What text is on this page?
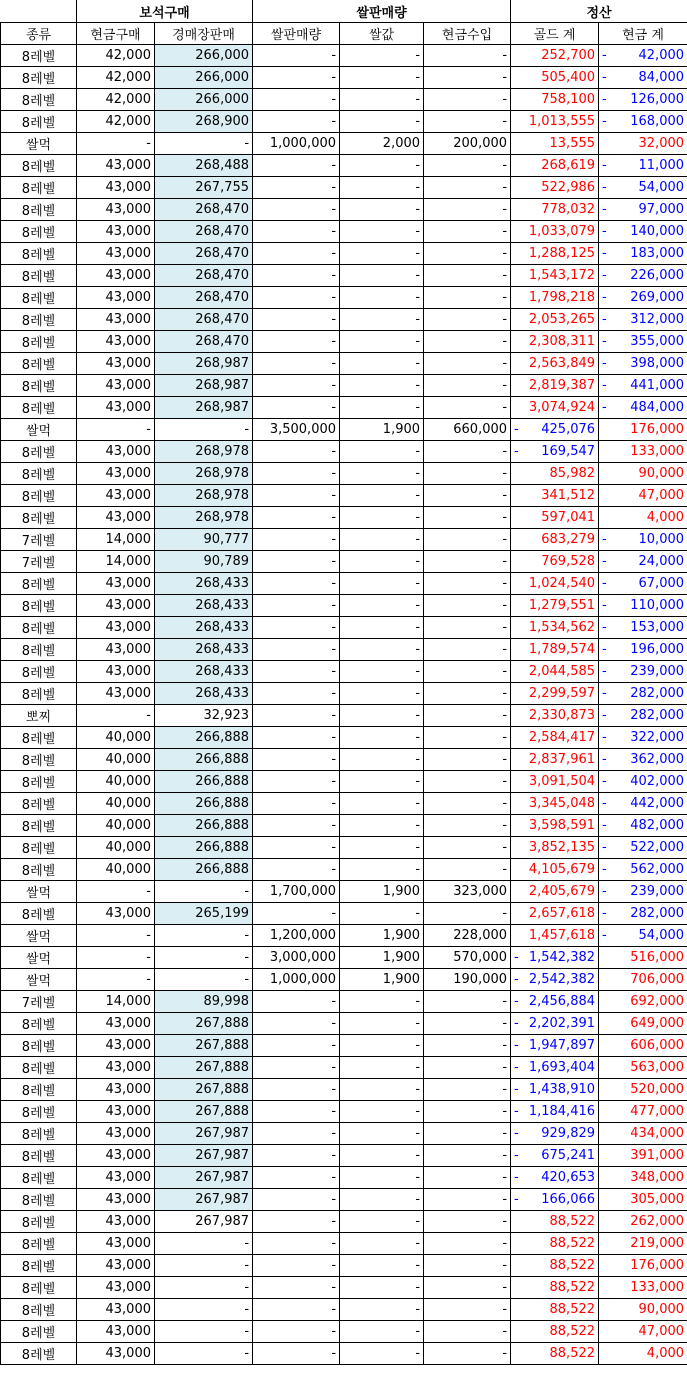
	보석구매		쌀판매량			정산	
종류	현금구매	경매장판매	쌀판매량	쌀값	현금수입	골드 계	현금 계
8레벨	42,000	266,000	-	-	-	252,700	- 42,000

8레벨	42,000	266,000	-	-	-	505,400	- 84,000

8레벨	42,000	266,000	-	-	-	758,100	- 126,000

8레벨	42,000	268,900	-	-	-	1,013,555	- 168,000

쌀먹	-	-	1,000,000	2,000	200,000	13,555	32,000

8레벨	43,000	268,488	-	-	-	268,619	- 11,000

8레벨	43,000	267,755	-	-	-	522,986	- 54,000

8레벨	43,000	268,470	-	-	-	778,032	- 97,000

8레벨	43,000	268,470	-	-	-	1,033,079	- 140,000

8레벨	43,000	268,470	-	-	-	1,288,125	- 183,000

8레벨	43,000	268,470	-	-	-	1,543,172	- 226,000

8레벨	43,000	268,470	-	-	-	1,798,218	- 269,000

8레벨	43,000	268,470	-	-	-	2,053,265	- 312,000

8레벨	43,000	268,470	-	-	-	2,308,311	- 355,000

8레벨	43,000	268,987	-	-	-	2,563,849	- 398,000

8레벨	43,000	268,987	-	-	-	2,819,387	- 441,000

8레벨	43,000	268,987	-	-	-	3,074,924	- 484,000

쌀먹	-	-	3,500,000	1,900	660,000	- 425,076	176,000

8레벨	43,000	268,978	-	-	-	- 169,547	133,000

8레벨	43,000	268,978	-	-	-	85,982	90,000

8레벨	43,000	268,978	-	-	-	341,512	47,000

8레벨	43,000	268,978	-	-	-	597,041	4,000

7레벨	14,000	90,777	-	-	-	683,279	- 10,000

7레벨	14,000	90,789	-	-	-	769,528	- 24,000

8레벨	43,000	268,433	-	-	-	1,024,540	- 67,000

8레벨	43,000	268,433	-	-	-	1,279,551	- 110,000

8레벨	43,000	268,433	-	-	-	1,534,562	- 153,000

8레벨	43,000	268,433	-	-	-	1,789,574	- 196,000

8레벨	43,000	268,433	-	-	-	2,044,585	- 239,000

8레벨	43,000	268,433	-	-	-	2,299,597	- 282,000

뽀찌	-	32,923	-	-	-	2,330,873	- 282,000

8레벨	40,000	266,888	-	-	-	2,584,417	- 322,000

8레벨	40,000	266,888	-	-	-	2,837,961	- 362,000

8레벨	40,000	266,888	-	-	-	3,091,504	- 402,000

8레벨	40,000	266,888	-	-	-	3,345,048	- 442,000

8레벨	40,000	266,888	-	-	-	3,598,591	- 482,000

8레벨	40,000	266,888	-	-	-	3,852,135	- 522,000

8레벨	40,000	266,888	-	-	-	4,105,679	- 562,000

쌀먹	-	-	1,700,000	1,900	323,000	2,405,679	- 239,000

8레벨	43,000	265,199	-	-	-	2,657,618	- 282,000

쌀먹	-	-	1,200,000	1,900	228,000	1,457,618	- 54,000

쌀먹	-	-	3,000,000	1,900	570,000	- 1,542,382	516,000

쌀먹	-	-	1,000,000	1,900	190,000	- 2,542,382	706,000

7레벨	14,000	89,998	-	-	-	- 2,456,884	692,000

8레벨	43,000	267,888	-	-	-	- 2,202,391	649,000

8레벨	43,000	267,888	-	-	-	- 1,947,897	606,000

8레벨	43,000	267,888	-	-	-	- 1,693,404	563,000

8레벨	43,000	267,888	-	-	-	- 1,438,910	520,000

8레벨	43,000	267,888	-	-	-	- 1,184,416	477,000

8레벨	43,000	267,987	-	-	-	- 929,829	434,000

8레벨	43,000	267,987	-	-	-	- 675,241	391,000

8레벨	43,000	267,987	-	-	-	- 420,653	348,000

8레벨	43,000	267,987	-	-	-	- 166,066	305,000

8레벨	43,000	267,987	-	-	-	88,522	262,000

8레벨	43,000	-	-	-	-	88,522	219,000

8레벨	43,000	-	-	-	-	88,522	176,000

8레벨	43,000	-	-	-	-	88,522	133,000

8레벨	43,000	-	-	-	-	88,522	90,000

8레벨	43,000	-	-	-	-	88,522	47,000

8레벨	43,000	-	-	-	-	88,522	4,000
